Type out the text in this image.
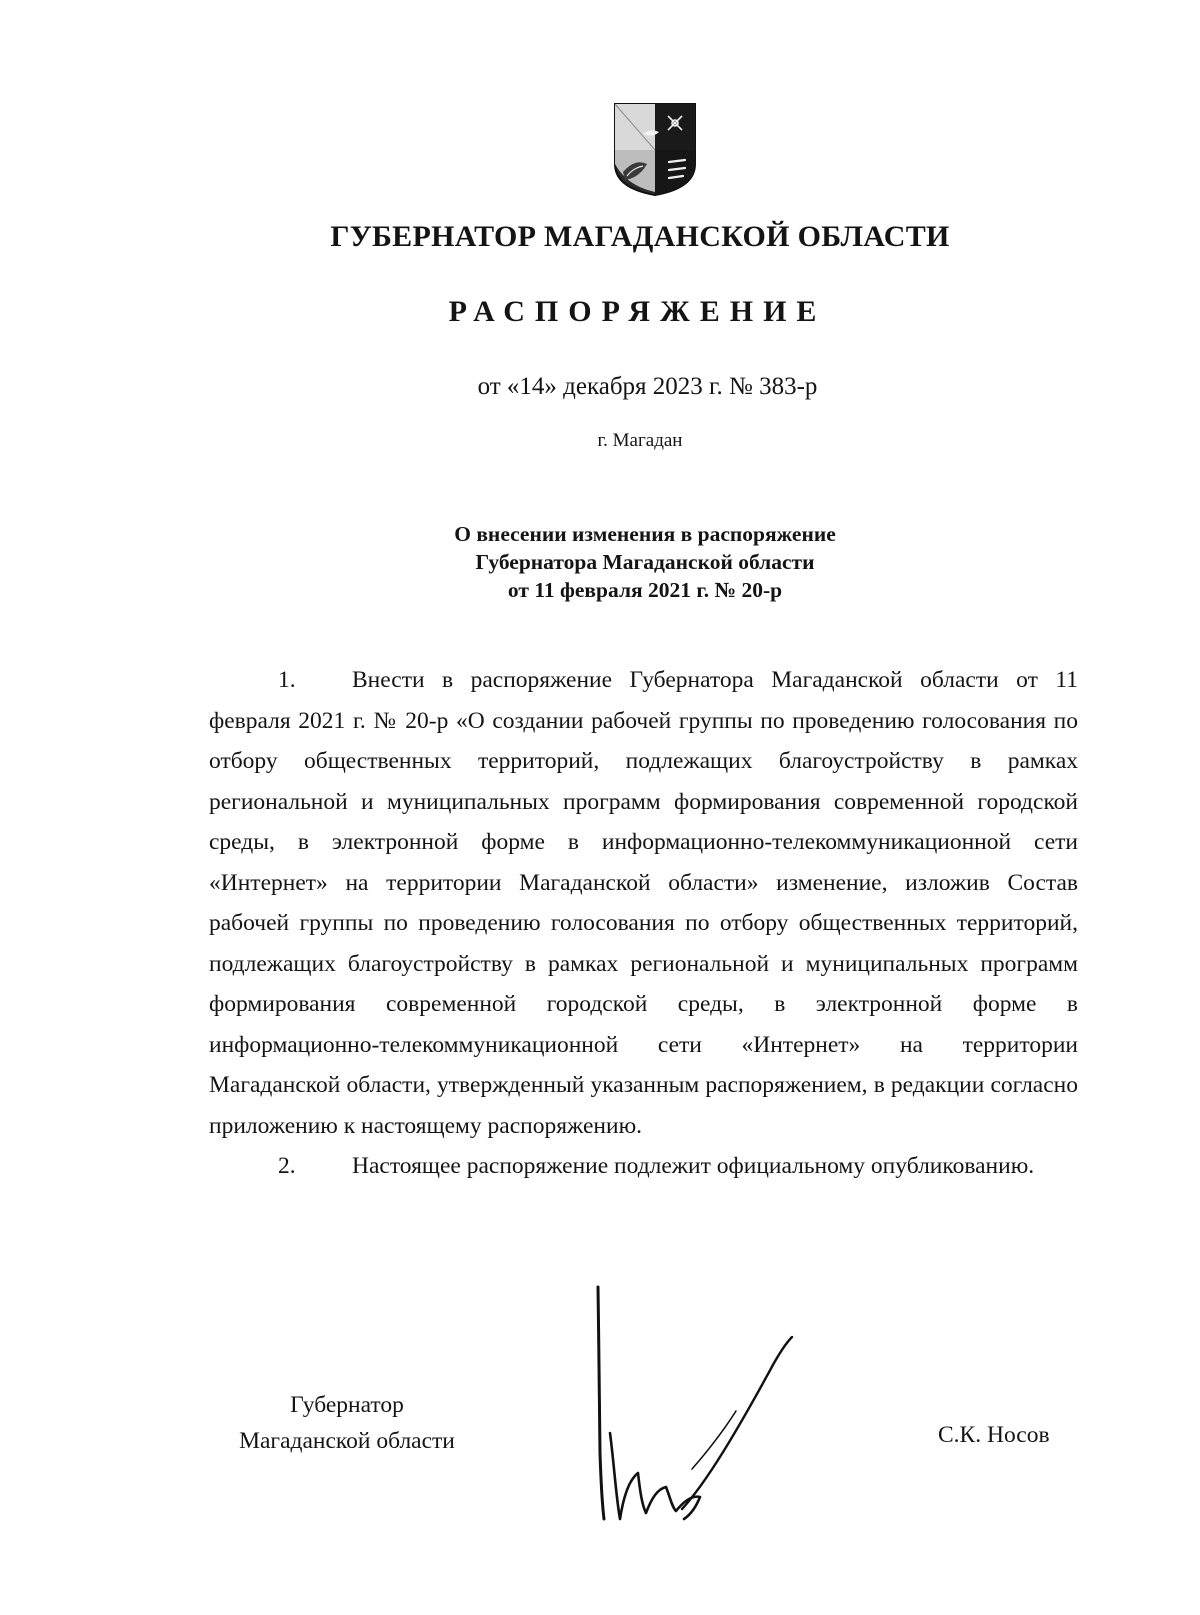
ГУБЕРНАТОР МАГАДАНСКОЙ ОБЛАСТИ
РАСПОРЯЖЕНИЕ
от «14» декабря 2023 г. № 383-р
г. Магадан
О внесении изменения в распоряжение
Губернатора Магаданской области
от 11 февраля 2021 г. № 20-р

1. Внести в распоряжение Губернатора Магаданской области от 11 февраля 2021 г. № 20-р «О создании рабочей группы по проведению голосования по отбору общественных территорий, подлежащих благоустройству в рамках региональной и муниципальных программ формирования современной городской среды, в электронной форме в информационно-телекоммуникационной сети «Интернет» на территории Магаданской области» изменение, изложив Состав рабочей группы по проведению голосования по отбору общественных территорий, подлежащих благоустройству в рамках региональной и муниципальных программ формирования современной городской среды, в электронной форме в информационно-телекоммуникационной сети «Интернет» на территории Магаданской области, утвержденный указанным распоряжением, в редакции согласно приложению к настоящему распоряжению.

2. Настоящее распоряжение подлежит официальному опубликованию.

Губернатор
Магаданской области	С.К. Носов
